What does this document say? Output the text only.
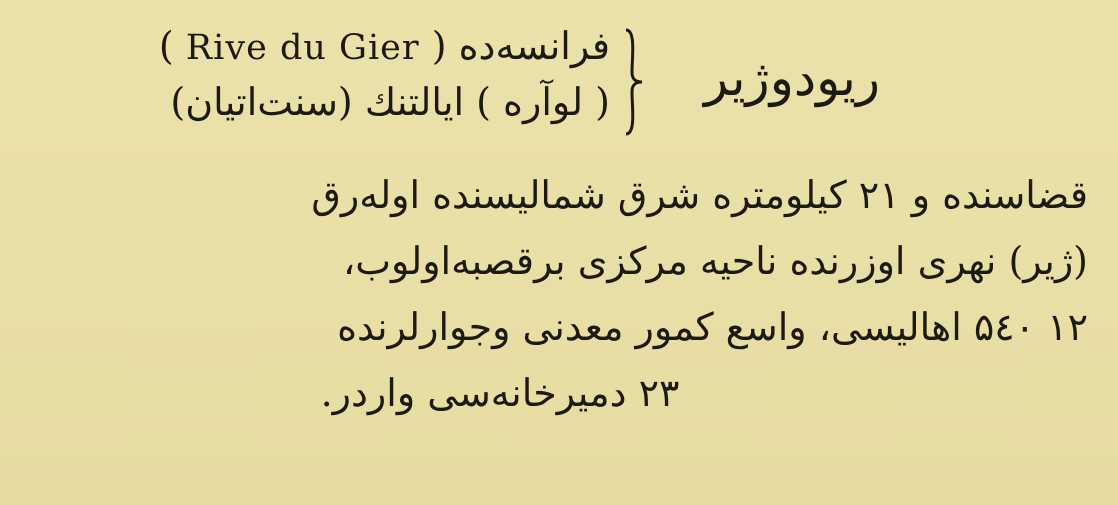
فرانسه‌ده ( Rive du Gier )
( لوآره ) ایالتنك (سنت‌اتیان) ریودوژیر
قضاسنده و ۲۱ کیلومتره شرق شمالیسنده اوله‌رق
(ژیر) نهری اوزرنده ناحیه مرکزی برقصبه‌اولوب،
۱۲ ۵٤۰ اهالیسی، واسع کمور معدنی وجوارلرنده
۲۳ دمیرخانه‌سی واردر.
